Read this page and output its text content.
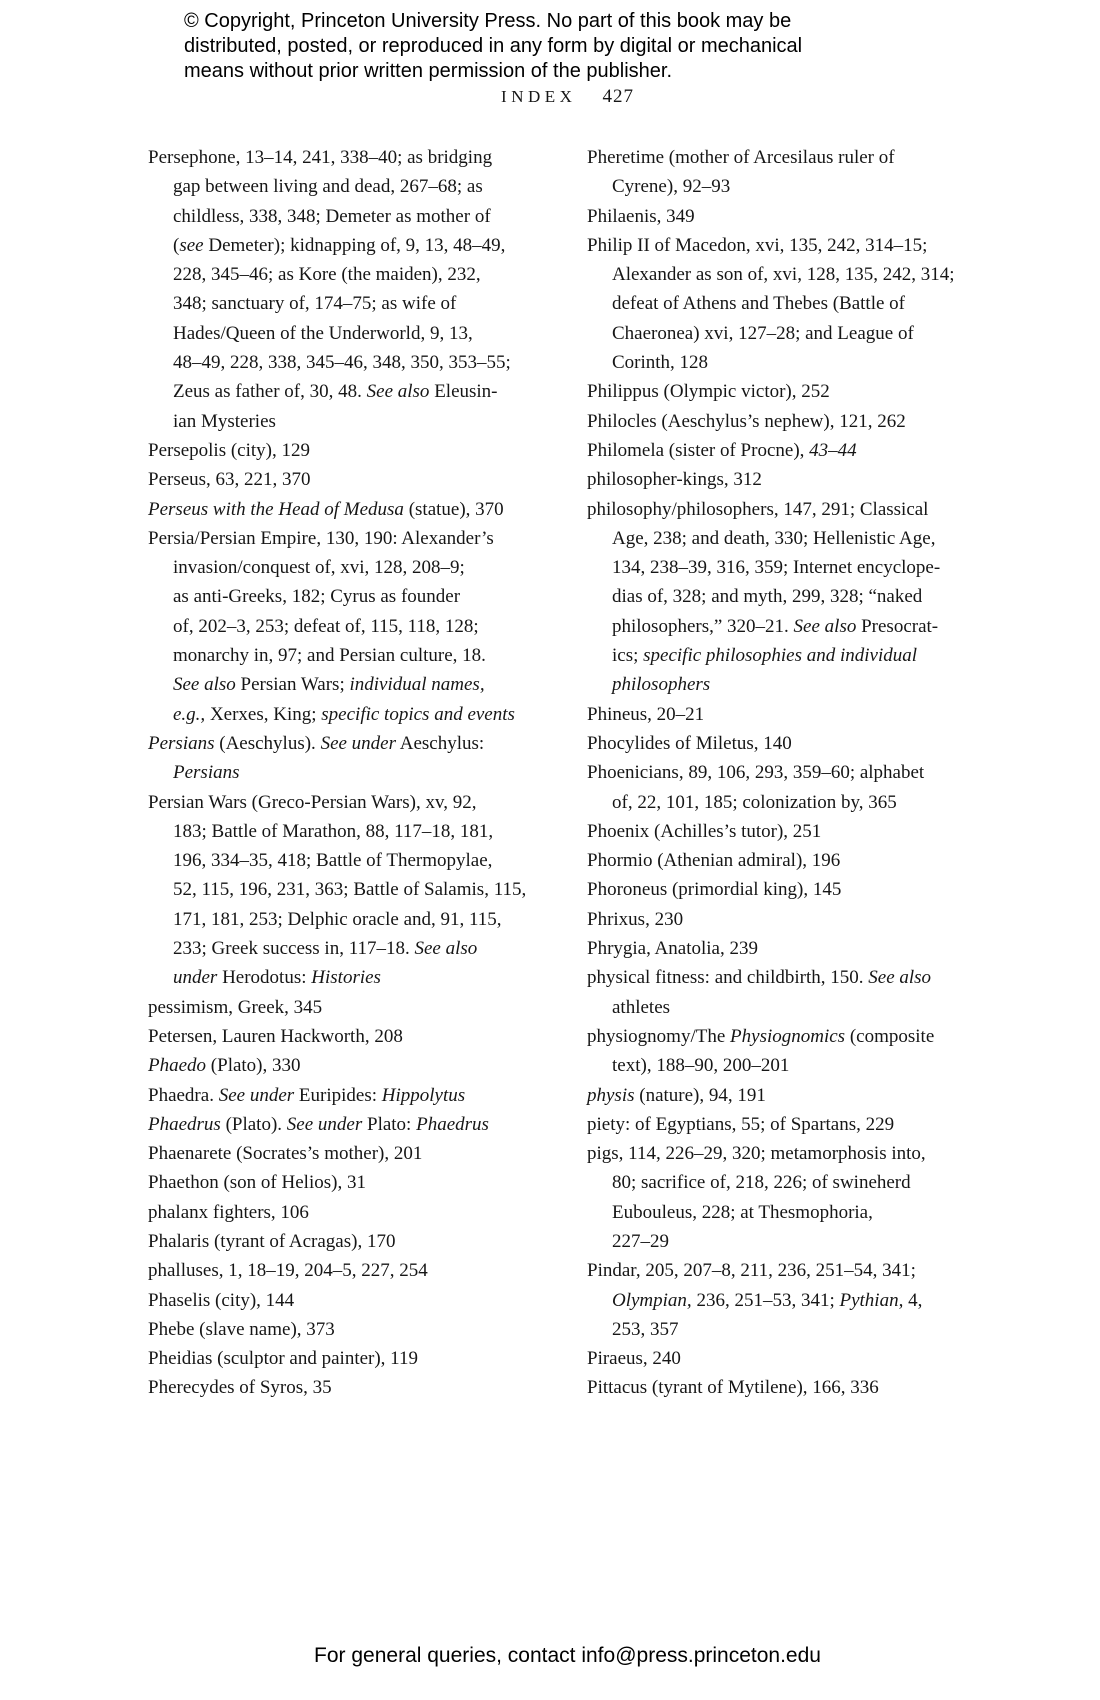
© Copyright, Princeton University Press. No part of this book may be
distributed, posted, or reproduced in any form by digital or mechanical
means without prior written permission of the publisher.
INDEX 427
Persephone, 13–14, 241, 338–40; as bridging
gap between living and dead, 267–68; as
childless, 338, 348; Demeter as mother of
(see Demeter); kidnapping of, 9, 13, 48–49,
228, 345–46; as Kore (the maiden), 232,
348; sanctuary of, 174–75; as wife of
Hades/Queen of the Underworld, 9, 13,
48–49, 228, 338, 345–46, 348, 350, 353–55;
Zeus as father of, 30, 48. See also Eleusin-
ian Mysteries
Persepolis (city), 129
Perseus, 63, 221, 370
Perseus with the Head of Medusa (statue), 370
Persia/Persian Empire, 130, 190: Alexander’s
invasion/conquest of, xvi, 128, 208–9;
as anti-Greeks, 182; Cyrus as founder
of, 202–3, 253; defeat of, 115, 118, 128;
monarchy in, 97; and Persian culture, 18.
See also Persian Wars; individual names,
e.g., Xerxes, King; specific topics and events
Persians (Aeschylus). See under Aeschylus:
Persians
Persian Wars (Greco-Persian Wars), xv, 92,
183; Battle of Marathon, 88, 117–18, 181,
196, 334–35, 418; Battle of Thermopylae,
52, 115, 196, 231, 363; Battle of Salamis, 115,
171, 181, 253; Delphic oracle and, 91, 115,
233; Greek success in, 117–18. See also
under Herodotus: Histories
pessimism, Greek, 345
Petersen, Lauren Hackworth, 208
Phaedo (Plato), 330
Phaedra. See under Euripides: Hippolytus
Phaedrus (Plato). See under Plato: Phaedrus
Phaenarete (Socrates’s mother), 201
Phaethon (son of Helios), 31
phalanx fighters, 106
Phalaris (tyrant of Acragas), 170
phalluses, 1, 18–19, 204–5, 227, 254
Phaselis (city), 144
Phebe (slave name), 373
Pheidias (sculptor and painter), 119
Pherecydes of Syros, 35
Pheretime (mother of Arcesilaus ruler of
Cyrene), 92–93
Philaenis, 349
Philip II of Macedon, xvi, 135, 242, 314–15;
Alexander as son of, xvi, 128, 135, 242, 314;
defeat of Athens and Thebes (Battle of
Chaeronea) xvi, 127–28; and League of
Corinth, 128
Philippus (Olympic victor), 252
Philocles (Aeschylus’s nephew), 121, 262
Philomela (sister of Procne), 43–44
philosopher-kings, 312
philosophy/philosophers, 147, 291; Classical
Age, 238; and death, 330; Hellenistic Age,
134, 238–39, 316, 359; Internet encyclope-
dias of, 328; and myth, 299, 328; “naked
philosophers,” 320–21. See also Presocrat-
ics; specific philosophies and individual
philosophers
Phineus, 20–21
Phocylides of Miletus, 140
Phoenicians, 89, 106, 293, 359–60; alphabet
of, 22, 101, 185; colonization by, 365
Phoenix (Achilles’s tutor), 251
Phormio (Athenian admiral), 196
Phoroneus (primordial king), 145
Phrixus, 230
Phrygia, Anatolia, 239
physical fitness: and childbirth, 150. See also
athletes
physiognomy/The Physiognomics (composite
text), 188–90, 200–201
physis (nature), 94, 191
piety: of Egyptians, 55; of Spartans, 229
pigs, 114, 226–29, 320; metamorphosis into,
80; sacrifice of, 218, 226; of swineherd
Eubouleus, 228; at Thesmophoria,
227–29
Pindar, 205, 207–8, 211, 236, 251–54, 341;
Olympian, 236, 251–53, 341; Pythian, 4,
253, 357
Piraeus, 240
Pittacus (tyrant of Mytilene), 166, 336
For general queries, contact info@press.princeton.edu
